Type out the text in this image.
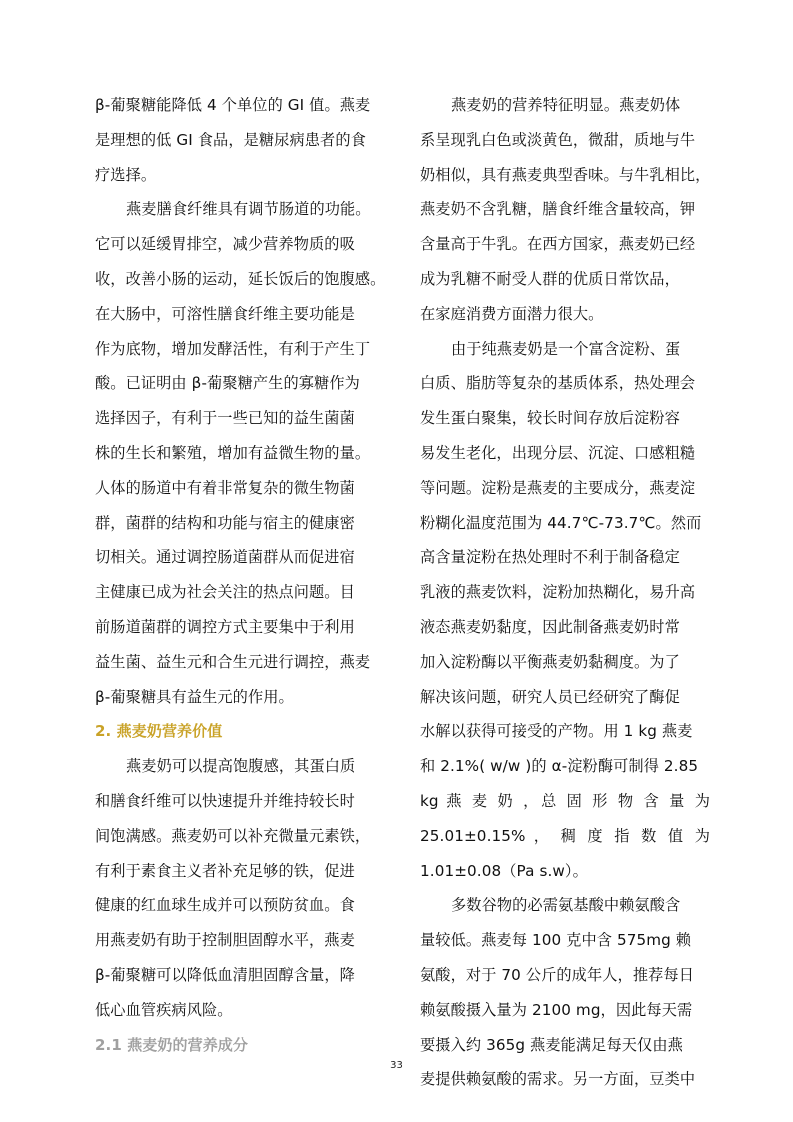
β-葡聚糖能降低 4 个单位的 GI 值。燕麦
是理想的低 GI 食品，是糖尿病患者的食
疗选择。
燕麦膳食纤维具有调节肠道的功能。
它可以延缓胃排空，减少营养物质的吸
收，改善小肠的运动，延长饭后的饱腹感。
在大肠中，可溶性膳食纤维主要功能是
作为底物，增加发酵活性，有利于产生丁
酸。已证明由 β-葡聚糖产生的寡糖作为
选择因子，有利于一些已知的益生菌菌
株的生长和繁殖，增加有益微生物的量。
人体的肠道中有着非常复杂的微生物菌
群，菌群的结构和功能与宿主的健康密
切相关。通过调控肠道菌群从而促进宿
主健康已成为社会关注的热点问题。目
前肠道菌群的调控方式主要集中于利用
益生菌、益生元和合生元进行调控，燕麦
β-葡聚糖具有益生元的作用。
2. 燕麦奶营养价值
燕麦奶可以提高饱腹感，其蛋白质
和膳食纤维可以快速提升并维持较长时
间饱满感。燕麦奶可以补充微量元素铁，
有利于素食主义者补充足够的铁，促进
健康的红血球生成并可以预防贫血。食
用燕麦奶有助于控制胆固醇水平，燕麦
β-葡聚糖可以降低血清胆固醇含量，降
低心血管疾病风险。
2.1 燕麦奶的营养成分
燕麦奶的营养特征明显。燕麦奶体
系呈现乳白色或淡黄色，微甜，质地与牛
奶相似，具有燕麦典型香味。与牛乳相比，
燕麦奶不含乳糖，膳食纤维含量较高，钾
含量高于牛乳。在西方国家，燕麦奶已经
成为乳糖不耐受人群的优质日常饮品，
在家庭消费方面潜力很大。
由于纯燕麦奶是一个富含淀粉、蛋
白质、脂肪等复杂的基质体系，热处理会
发生蛋白聚集，较长时间存放后淀粉容
易发生老化，出现分层、沉淀、口感粗糙
等问题。淀粉是燕麦的主要成分，燕麦淀
粉糊化温度范围为 44.7℃-73.7℃。然而
高含量淀粉在热处理时不利于制备稳定
乳液的燕麦饮料，淀粉加热糊化，易升高
液态燕麦奶黏度，因此制备燕麦奶时常
加入淀粉酶以平衡燕麦奶黏稠度。为了
解决该问题，研究人员已经研究了酶促
水解以获得可接受的产物。用 1 kg 燕麦
和 2.1%( w/w )的 α-淀粉酶可制得 2.85
kg 燕 麦 奶 ，总 固 形 物 含 量 为
25.01±0.15% ， 稠 度 指 数 值 为
1.01±0.08（Pa s.w）。
多数谷物的必需氨基酸中赖氨酸含
量较低。燕麦每 100 克中含 575mg 赖
氨酸，对于 70 公斤的成年人，推荐每日
赖氨酸摄入量为 2100 mg，因此每天需
要摄入约 365g 燕麦能满足每天仅由燕
麦提供赖氨酸的需求。另一方面，豆类中
33
